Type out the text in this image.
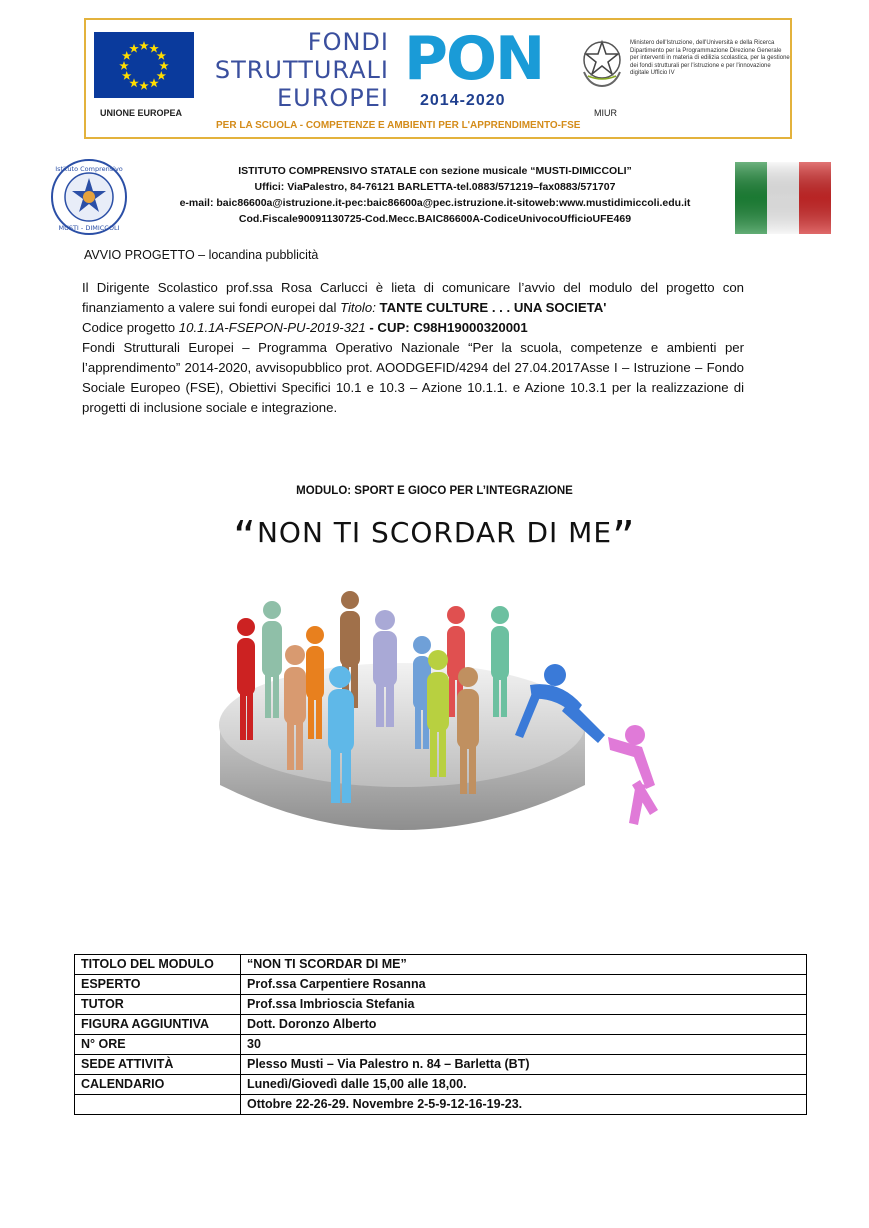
UNIONE EUROPEA
FONDI
STRUTTURALI
EUROPEI
PON
2014-2020
PER LA SCUOLA - COMPETENZE E AMBIENTI PER L'APPRENDIMENTO-FSE
Ministero dell'Istruzione, dell'Università e della Ricerca Dipartimento per la Programmazione Direzione Generale per interventi in materia di edilizia scolastica, per la gestione dei fondi strutturali per l'istruzione e per l'innovazione digitale Ufficio IV
MIUR
Istituto Comprensivo
MUSTI - DIMICCOLI
ISTITUTO COMPRENSIVO STATALE con sezione musicale “MUSTI-DIMICCOLI”
Uffici: ViaPalestro, 84-76121 BARLETTA-tel.0883/571219–fax0883/571707
e-mail: baic86600a@istruzione.it-pec:baic86600a@pec.istruzione.it-sitoweb:www.mustidimiccoli.edu.it
Cod.Fiscale90091130725-Cod.Mecc.BAIC86600A-CodiceUnivocoUfficioUFE469
AVVIO PROGETTO – locandina pubblicità

Il Dirigente Scolastico prof.ssa Rosa Carlucci è lieta di comunicare l’avvio del modulo del progetto con finanziamento a valere sui fondi europei dal Titolo: TANTE CULTURE . . . UNA SOCIETA'

Codice progetto 10.1.1A-FSEPON-PU-2019-321 - CUP: C98H19000320001

Fondi Strutturali Europei – Programma Operativo Nazionale “Per la scuola, competenze e ambienti per l’apprendimento” 2014-2020, avvisopubblico prot. AOODGEFID/4294 del 27.04.2017Asse I – Istruzione – Fondo Sociale Europeo (FSE), Obiettivi Specifici 10.1 e 10.3 – Azione 10.1.1. e Azione 10.3.1 per la realizzazione di progetti di inclusione sociale e integrazione.

MODULO: SPORT E GIOCO PER L’INTEGRAZIONE
“NON TI SCORDAR DI ME”
TITOLO DEL MODULO	“NON TI SCORDAR DI ME”
ESPERTO	Prof.ssa Carpentiere Rosanna
TUTOR	Prof.ssa Imbrioscia Stefania
FIGURA AGGIUNTIVA	Dott. Doronzo Alberto
N° ORE	30
SEDE ATTIVITÀ	Plesso Musti – Via Palestro n. 84 – Barletta (BT)
CALENDARIO	Lunedì/Giovedì dalle 15,00 alle 18,00.
	Ottobre 22-26-29. Novembre 2-5-9-12-16-19-23.
